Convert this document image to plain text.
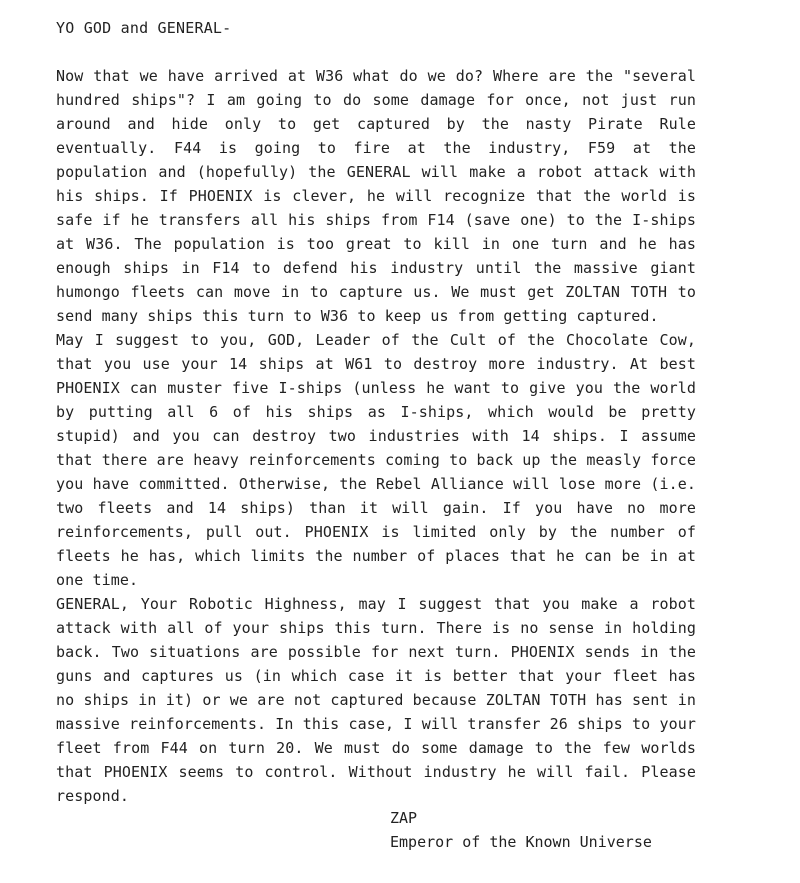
YO GOD and GENERAL-

Now that we have arrived at W36 what do we do? Where are the "several hundred ships"? I am going to do some damage for once, not just run around and hide only to get captured by the nasty Pirate Rule eventually. F44 is going to fire at the industry, F59 at the population and (hopefully) the GENERAL will make a robot attack with his ships. If PHOENIX is clever, he will recognize that the world is safe if he transfers all his ships from F14 (save one) to the I-ships at W36. The population is too great to kill in one turn and he has enough ships in F14 to defend his industry until the massive giant humongo fleets can move in to capture us. We must get ZOLTAN TOTH to send many ships this turn to W36 to keep us from getting captured.

May I suggest to you, GOD, Leader of the Cult of the Chocolate Cow, that you use your 14 ships at W61 to destroy more industry. At best PHOENIX can muster five I-ships (unless he want to give you the world by putting all 6 of his ships as I-ships, which would be pretty stupid) and you can destroy two industries with 14 ships. I assume that there are heavy reinforcements coming to back up the measly force you have committed. Otherwise, the Rebel Alliance will lose more (i.e. two fleets and 14 ships) than it will gain. If you have no more reinforcements, pull out. PHOENIX is limited only by the number of fleets he has, which limits the number of places that he can be in at one time.

GENERAL, Your Robotic Highness, may I suggest that you make a robot attack with all of your ships this turn. There is no sense in holding back. Two situations are possible for next turn. PHOENIX sends in the guns and captures us (in which case it is better that your fleet has no ships in it) or we are not captured because ZOLTAN TOTH has sent in massive reinforcements. In this case, I will transfer 26 ships to your fleet from F44 on turn 20. We must do some damage to the few worlds that PHOENIX seems to control. Without industry he will fail. Please respond.

ZAP
Emperor of the Known Universe
